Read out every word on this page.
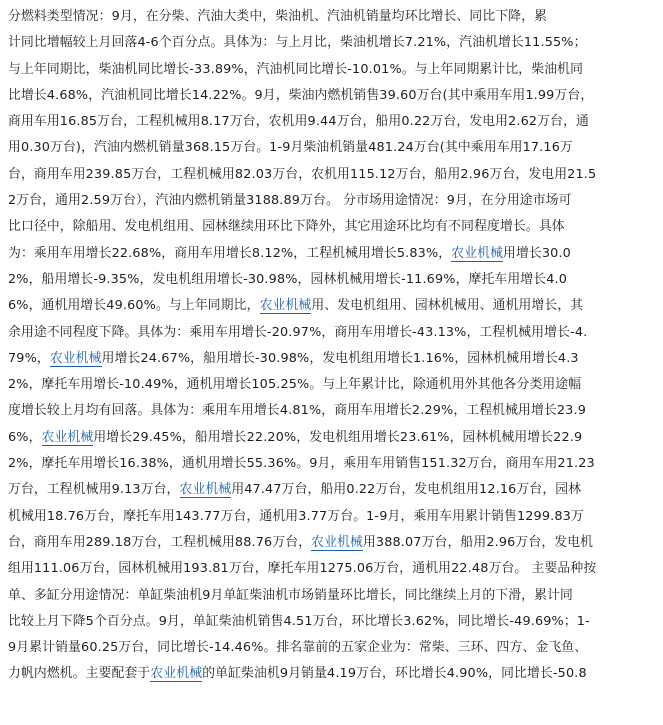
分燃料类型情况：9月，在分柴、汽油大类中，柴油机、汽油机销量均环比增长、同比下降，累
计同比增幅较上月回落4-6个百分点。具体为：与上月比，柴油机增长7.21%，汽油机增长11.55%；
与上年同期比，柴油机同比增长-33.89%，汽油机同比增长-10.01%。与上年同期累计比，柴油机同
比增长4.68%，汽油机同比增长14.22%。9月，柴油内燃机销售39.60万台(其中乘用车用1.99万台，
商用车用16.85万台，工程机械用8.17万台，农机用9.44万台，船用0.22万台，发电用2.62万台，通
用0.30万台)，汽油内燃机销量368.15万台。1-9月柴油机销量481.24万台(其中乘用车用17.16万
台，商用车用239.85万台，工程机械用82.03万台，农机用115.12万台，船用2.96万台，发电用21.5
2万台，通用2.59万台），汽油内燃机销量3188.89万台。 分市场用途情况：9月，在分用途市场可
比口径中，除船用、发电机组用、园林继续用环比下降外，其它用途环比均有不同程度增长。具体
为：乘用车用增长22.68%，商用车用增长8.12%，工程机械用增长5.83%，农业机械用增长30.0
2%，船用增长-9.35%，发电机组用增长-30.98%，园林机械用增长-11.69%，摩托车用增长4.0
6%，通机用增长49.60%。与上年同期比，农业机械用、发电机组用、园林机械用、通机用增长，其
余用途不同程度下降。具体为：乘用车用增长-20.97%，商用车用增长-43.13%，工程机械用增长-4.
79%，农业机械用增长24.67%，船用增长-30.98%，发电机组用增长1.16%，园林机械用增长4.3
2%，摩托车用增长-10.49%，通机用增长105.25%。与上年累计比，除通机用外其他各分类用途幅
度增长较上月均有回落。具体为：乘用车用增长4.81%，商用车用增长2.29%，工程机械用增长23.9
6%，农业机械用增长29.45%，船用增长22.20%，发电机组用增长23.61%，园林机械用增长22.9
2%，摩托车用增长16.38%，通机用增长55.36%。9月，乘用车用销售151.32万台，商用车用21.23
万台，工程机械用9.13万台，农业机械用47.47万台，船用0.22万台，发电机组用12.16万台，园林
机械用18.76万台，摩托车用143.77万台，通机用3.77万台。1-9月，乘用车用累计销售1299.83万
台，商用车用289.18万台，工程机械用88.76万台，农业机械用388.07万台，船用2.96万台，发电机
组用111.06万台，园林机械用193.81万台，摩托车用1275.06万台，通机用22.48万台。 主要品种按
单、多缸分用途情况：单缸柴油机9月单缸柴油机市场销量环比增长，同比继续上月的下滑，累计同
比较上月下降5个百分点。9月，单缸柴油机销售4.51万台，环比增长3.62%，同比增长-49.69%；1-
9月累计销量60.25万台，同比增长-14.46%。排名靠前的五家企业为：常柴、三环、四方、金飞鱼、
力帆内燃机。主要配套于农业机械的单缸柴油机9月销量4.19万台，环比增长4.90%，同比增长-50.8
